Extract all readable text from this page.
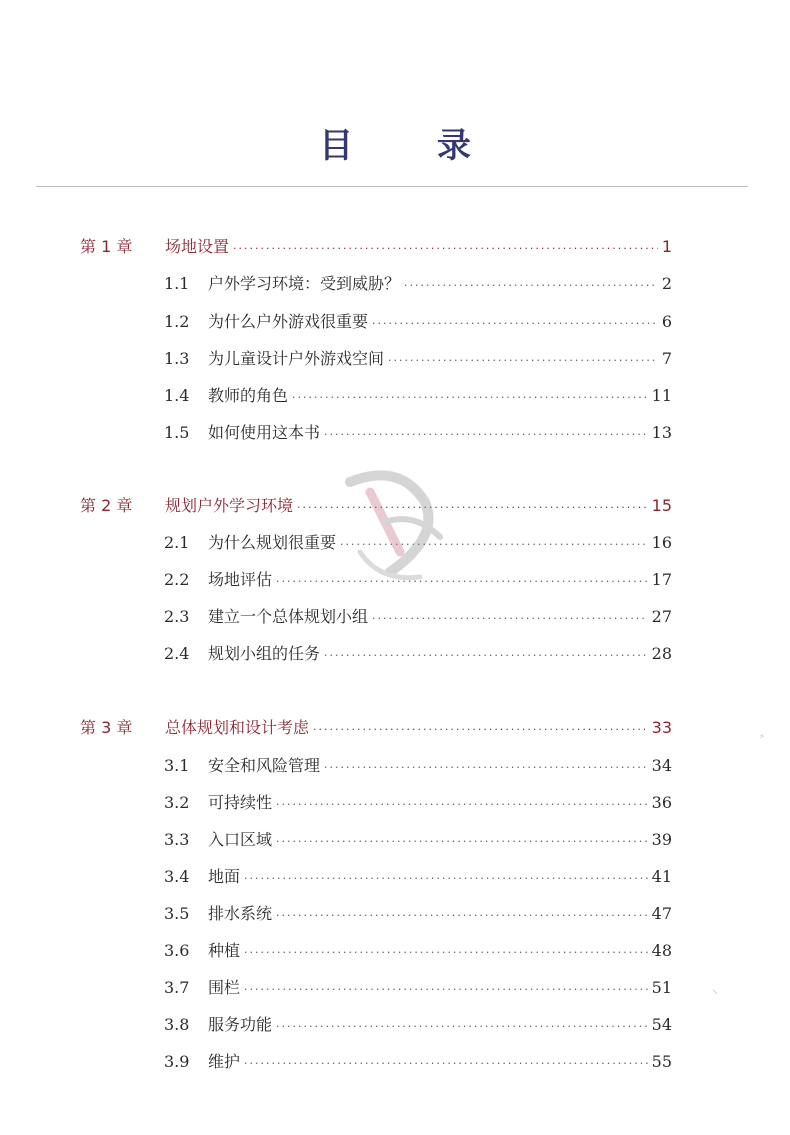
目 录
第 1 章	场地设置 ·····	1
1.1	户外学习环境：受到威胁？ ·····	2
1.2	为什么户外游戏很重要 ·····	6
1.3	为儿童设计户外游戏空间 ·····	7
1.4	教师的角色 ·····	11
1.5	如何使用这本书 ·····	13
第 2 章	规划户外学习环境 ·····	15
2.1	为什么规划很重要 ·····	16
2.2	场地评估 ·····	17
2.3	建立一个总体规划小组 ·····	27
2.4	规划小组的任务 ·····	28
第 3 章	总体规划和设计考虑 ·····	33
3.1	安全和风险管理 ·····	34
3.2	可持续性 ·····	36
3.3	入口区域 ·····	39
3.4	地面 ·····	41
3.5	排水系统 ·····	47
3.6	种植 ·····	48
3.7	围栏 ·····	51
3.8	服务功能 ·····	54
3.9	维护 ·····	55
⸗
⸌
